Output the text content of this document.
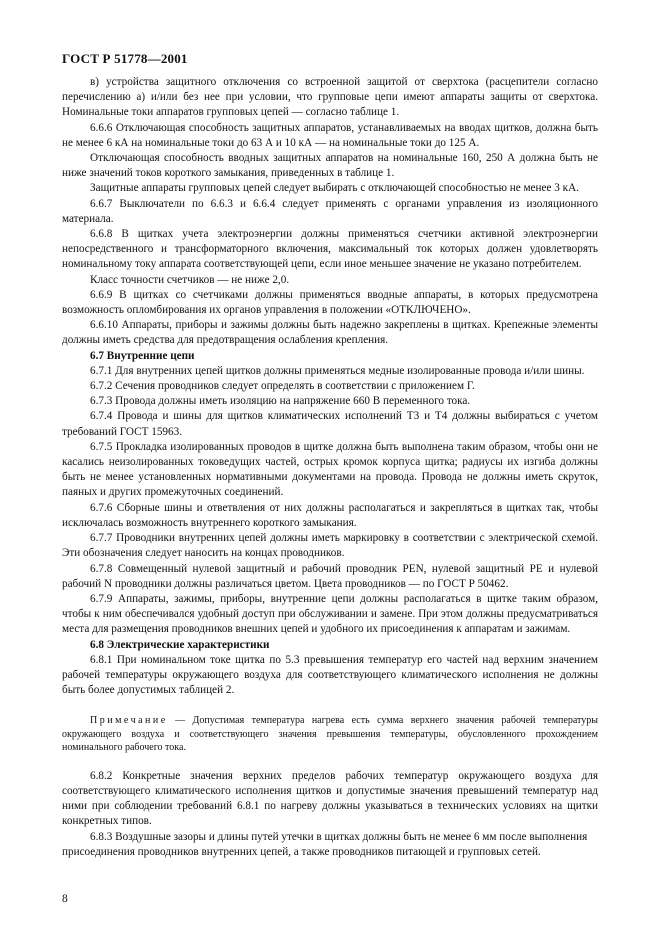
ГОСТ Р 51778—2001

в) устройства защитного отключения со встроенной защитой от сверхтока (расцепители согласно перечислению а) и/или без нее при условии, что групповые цепи имеют аппараты защиты от сверхтока. Номинальные токи аппаратов групповых цепей — согласно таблице 1.

6.6.6 Отключающая способность защитных аппаратов, устанавливаемых на вводах щитков, должна быть не менее 6 кА на номинальные токи до 63 А и 10 кА — на номинальные токи до 125 А.

Отключающая способность вводных защитных аппаратов на номинальные 160, 250 А должна быть не ниже значений токов короткого замыкания, приведенных в таблице 1.

Защитные аппараты групповых цепей следует выбирать с отключающей способностью не менее 3 кА.

6.6.7 Выключатели по 6.6.3 и 6.6.4 следует применять с органами управления из изоляционного материала.

6.6.8 В щитках учета электроэнергии должны применяться счетчики активной электроэнергии непосредственного и трансформаторного включения, максимальный ток которых должен удовлетворять номинальному току аппарата соответствующей цепи, если иное меньшее значение не указано потребителем.

Класс точности счетчиков — не ниже 2,0.

6.6.9 В щитках со счетчиками должны применяться вводные аппараты, в которых предусмотрена возможность опломбирования их органов управления в положении «ОТКЛЮЧЕНО».

6.6.10 Аппараты, приборы и зажимы должны быть надежно закреплены в щитках. Крепежные элементы должны иметь средства для предотвращения ослабления крепления.

6.7 Внутренние цепи

6.7.1 Для внутренних цепей щитков должны применяться медные изолированные провода и/или шины.

6.7.2 Сечения проводников следует определять в соответствии с приложением Г.

6.7.3 Провода должны иметь изоляцию на напряжение 660 В переменного тока.

6.7.4 Провода и шины для щитков климатических исполнений Т3 и Т4 должны выбираться с учетом требований ГОСТ 15963.

6.7.5 Прокладка изолированных проводов в щитке должна быть выполнена таким образом, чтобы они не касались неизолированных токоведущих частей, острых кромок корпуса щитка; радиусы их изгиба должны быть не менее установленных нормативными документами на провода. Провода не должны иметь скруток, паяных и других промежуточных соединений.

6.7.6 Сборные шины и ответвления от них должны располагаться и закрепляться в щитках так, чтобы исключалась возможность внутреннего короткого замыкания.

6.7.7 Проводники внутренних цепей должны иметь маркировку в соответствии с электрической схемой. Эти обозначения следует наносить на концах проводников.

6.7.8 Совмещенный нулевой защитный и рабочий проводник PEN, нулевой защитный PE и нулевой рабочий N проводники должны различаться цветом. Цвета проводников — по ГОСТ Р 50462.

6.7.9 Аппараты, зажимы, приборы, внутренние цепи должны располагаться в щитке таким образом, чтобы к ним обеспечивался удобный доступ при обслуживании и замене. При этом должны предусматриваться места для размещения проводников внешних цепей и удобного их присоединения к аппаратам и зажимам.

6.8 Электрические характеристики

6.8.1 При номинальном токе щитка по 5.3 превышения температур его частей над верхним значением рабочей температуры окружающего воздуха для соответствующего климатического исполнения не должны быть более допустимых таблицей 2.

Примечание — Допустимая температура нагрева есть сумма верхнего значения рабочей температуры окружающего воздуха и соответствующего значения превышения температуры, обусловленного прохождением номинального рабочего тока.

6.8.2 Конкретные значения верхних пределов рабочих температур окружающего воздуха для соответствующего климатического исполнения щитков и допустимые значения превышений температур над ними при соблюдении требований 6.8.1 по нагреву должны указываться в технических условиях на щитки конкретных типов.

6.8.3 Воздушные зазоры и длины путей утечки в щитках должны быть не менее 6 мм после выполнения присоединения проводников внутренних цепей, а также проводников питающей и групповых сетей.

8
